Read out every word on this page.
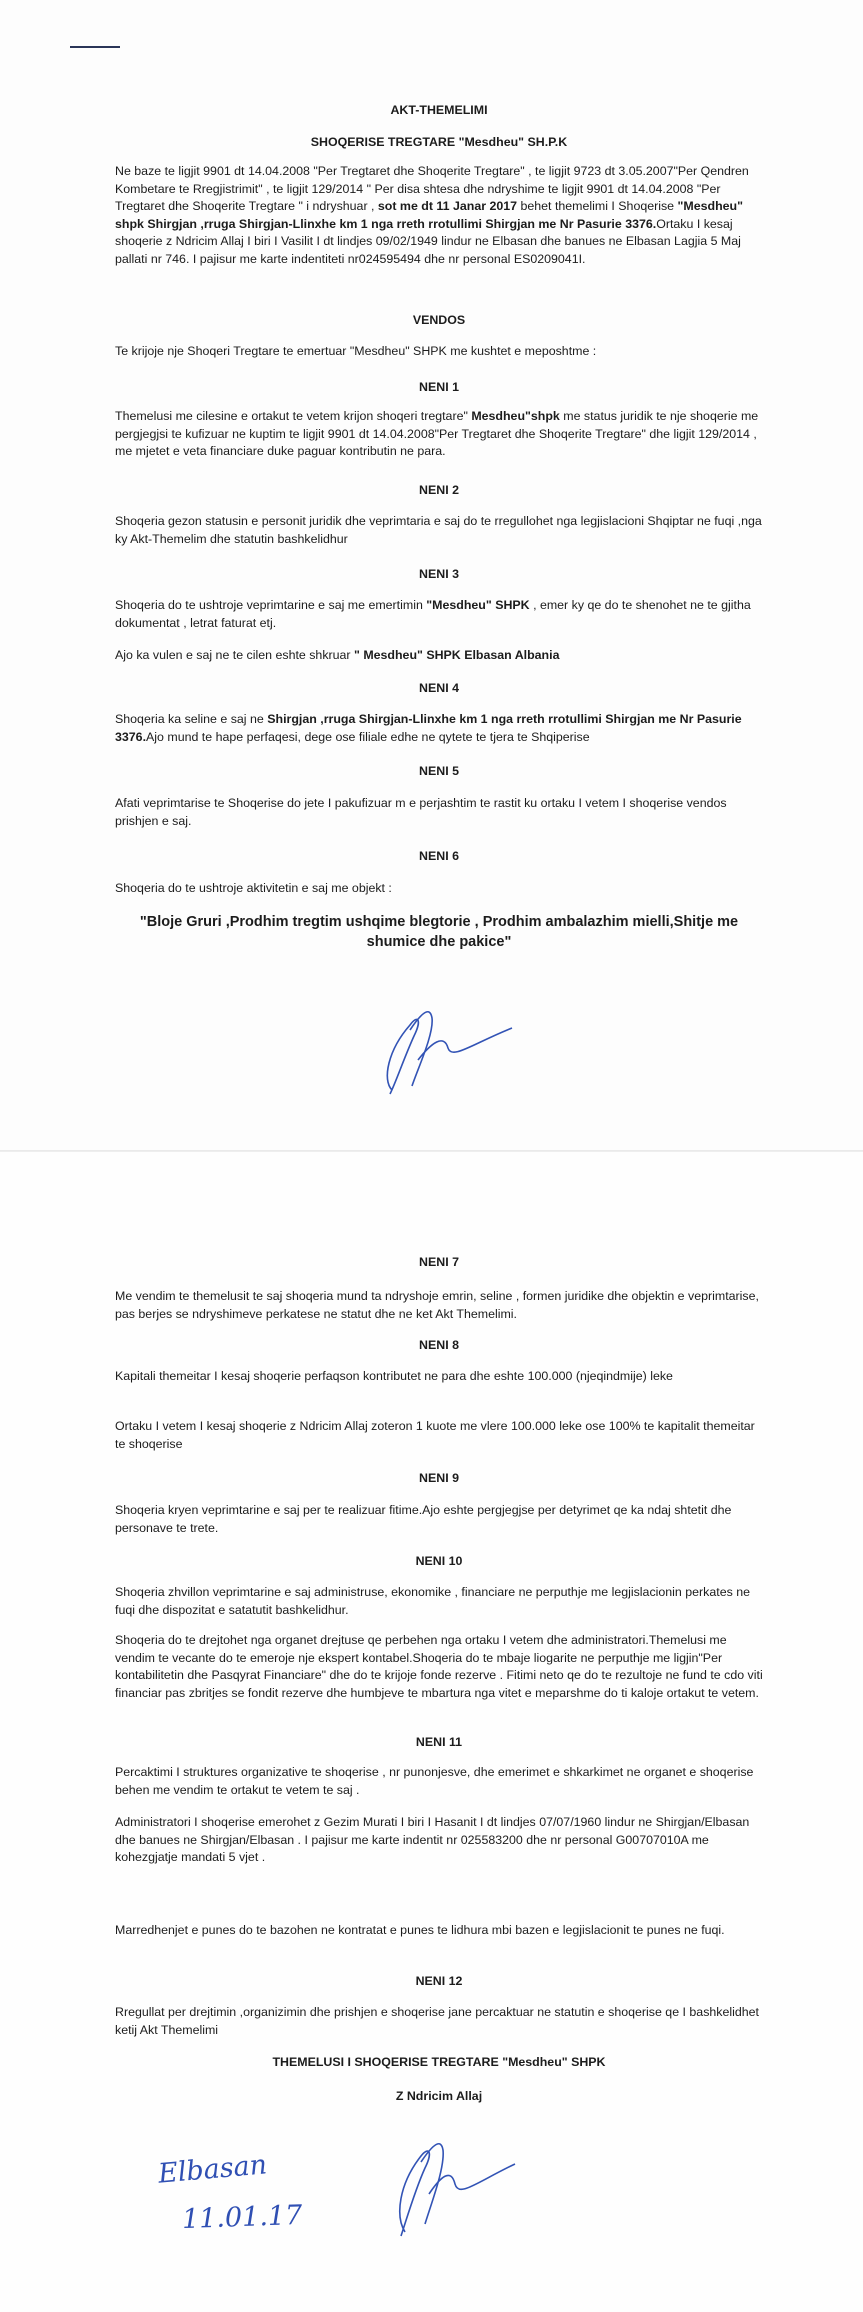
AKT-THEMELIMI
SHOQERISE TREGTARE "Mesdheu" SH.P.K
Ne baze te ligjit 9901 dt 14.04.2008 "Per Tregtaret dhe Shoqerite Tregtare" , te ligjit 9723 dt 3.05.2007"Per Qendren Kombetare te Rregjistrimit" , te ligjit 129/2014 " Per disa shtesa dhe ndryshime te ligjit 9901 dt 14.04.2008 "Per Tregtaret dhe Shoqerite Tregtare " i ndryshuar , sot me dt 11 Janar 2017 behet themelimi I Shoqerise "Mesdheu" shpk Shirgjan ,rruga Shirgjan-Llinxhe km 1 nga rreth rrotullimi Shirgjan me Nr Pasurie 3376.Ortaku I kesaj shoqerie z Ndricim Allaj I biri I Vasilit I dt lindjes 09/02/1949 lindur ne Elbasan dhe banues ne Elbasan Lagjia 5 Maj pallati nr 746. I pajisur me karte indentiteti nr024595494 dhe nr personal ES0209041I.
VENDOS
Te krijoje nje Shoqeri Tregtare te emertuar "Mesdheu" SHPK me kushtet e meposhtme :
NENI 1
Themelusi me cilesine e ortakut te vetem krijon shoqeri tregtare" Mesdheu"shpk me status juridik te nje shoqerie me pergjegjsi te kufizuar ne kuptim te ligjit 9901 dt 14.04.2008"Per Tregtaret dhe Shoqerite Tregtare" dhe ligjit 129/2014 , me mjetet e veta financiare duke paguar kontributin ne para.
NENI 2
Shoqeria gezon statusin e personit juridik dhe veprimtaria e saj do te rregullohet nga legjislacioni Shqiptar ne fuqi ,nga ky Akt-Themelim dhe statutin bashkelidhur
NENI 3
Shoqeria do te ushtroje veprimtarine e saj me emertimin "Mesdheu" SHPK , emer ky qe do te shenohet ne te gjitha dokumentat , letrat faturat etj.
Ajo ka vulen e saj ne te cilen eshte shkruar " Mesdheu" SHPK Elbasan Albania
NENI 4
Shoqeria ka seline e saj ne Shirgjan ,rruga Shirgjan-Llinxhe km 1 nga rreth rrotullimi Shirgjan me Nr Pasurie 3376.Ajo mund te hape perfaqesi, dege ose filiale edhe ne qytete te tjera te Shqiperise
NENI 5
Afati veprimtarise te Shoqerise do jete I pakufizuar m e perjashtim te rastit ku ortaku I vetem I shoqerise vendos prishjen e saj.
NENI 6
Shoqeria do te ushtroje aktivitetin e saj me objekt :
"Bloje Gruri ,Prodhim tregtim ushqime blegtorie , Prodhim ambalazhim mielli,Shitje me shumice dhe pakice"
NENI 7
Me vendim te themelusit te saj shoqeria mund ta ndryshoje emrin, seline , formen juridike dhe objektin e veprimtarise, pas berjes se ndryshimeve perkatese ne statut dhe ne ket Akt Themelimi.
NENI 8
Kapitali themeitar I kesaj shoqerie perfaqson kontributet ne para dhe eshte 100.000 (njeqindmije) leke
Ortaku I vetem I kesaj shoqerie z Ndricim Allaj zoteron 1 kuote me vlere 100.000 leke ose 100% te kapitalit themeitar te shoqerise
NENI 9
Shoqeria kryen veprimtarine e saj per te realizuar fitime.Ajo eshte pergjegjse per detyrimet qe ka ndaj shtetit dhe personave te trete.
NENI 10
Shoqeria zhvillon veprimtarine e saj administruse, ekonomike , financiare ne perputhje me legjislacionin perkates ne fuqi dhe dispozitat e satatutit bashkelidhur.
Shoqeria do te drejtohet nga organet drejtuse qe perbehen nga ortaku I vetem dhe administratori.Themelusi me vendim te vecante do te emeroje nje ekspert kontabel.Shoqeria do te mbaje liogarite ne perputhje me ligjin"Per kontabilitetin dhe Pasqyrat Financiare" dhe do te krijoje fonde rezerve . Fitimi neto qe do te rezultoje ne fund te cdo viti financiar pas zbritjes se fondit rezerve dhe humbjeve te mbartura nga vitet e meparshme do ti kaloje ortakut te vetem.
NENI 11
Percaktimi I struktures organizative te shoqerise , nr punonjesve, dhe emerimet e shkarkimet ne organet e shoqerise behen me vendim te ortakut te vetem te saj .
Administratori I shoqerise emerohet z Gezim Murati I biri I Hasanit I dt lindjes 07/07/1960 lindur ne Shirgjan/Elbasan dhe banues ne Shirgjan/Elbasan . I pajisur me karte indentit nr 025583200 dhe nr personal G00707010A me kohezgjatje mandati 5 vjet .
Marredhenjet e punes do te bazohen ne kontratat e punes te lidhura mbi bazen e legjislacionit te punes ne fuqi.
NENI 12
Rregullat per drejtimin ,organizimin dhe prishjen e shoqerise jane percaktuar ne statutin e shoqerise qe I bashkelidhet ketij Akt Themelimi
THEMELUSI I SHOQERISE TREGTARE "Mesdheu" SHPK
Z Ndricim Allaj
Elbasan
11.01.17
